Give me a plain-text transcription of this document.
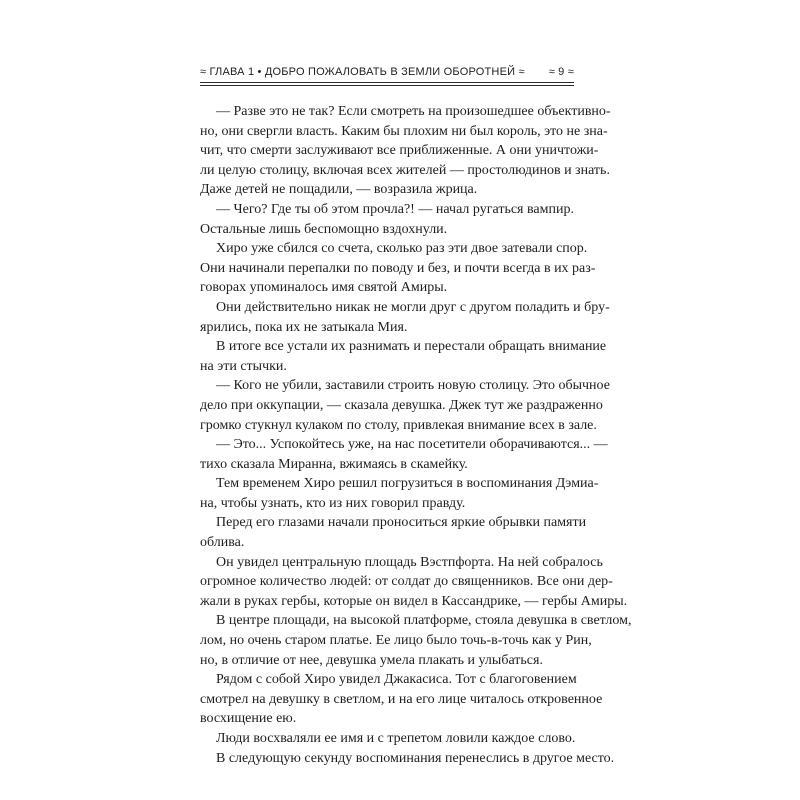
≈ ГЛАВА 1 • ДОБРО ПОЖАЛОВАТЬ В ЗЕМЛИ ОБОРОТНЕЙ ≈ ≈ 9 ≈
— Разве это не так? Если смотреть на произошедшее объективно-
но, они свергли власть. Каким бы плохим ни был король, это не зна-
чит, что смерти заслуживают все приближенные. А они уничтожи-
ли целую столицу, включая всех жителей — простолюдинов и знать.
Даже детей не пощадили, — возразила жрица.
— Чего? Где ты об этом прочла?! — начал ругаться вампир.
Остальные лишь беспомощно вздохнули.
Хиро уже сбился со счета, сколько раз эти двое затевали спор.
Они начинали перепалки по поводу и без, и почти всегда в их раз-
говорах упоминалось имя святой Амиры.
Они действительно никак не могли друг с другом поладить и бру-
ярились, пока их не затыкала Мия.
В итоге все устали их разнимать и перестали обращать внимание
на эти стычки.
— Кого не убили, заставили строить новую столицу. Это обычное
дело при оккупации, — сказала девушка. Джек тут же раздраженно
громко стукнул кулаком по столу, привлекая внимание всех в зале.
— Это... Успокойтесь уже, на нас посетители оборачиваются... —
тихо сказала Миранна, вжимаясь в скамейку.
Тем временем Хиро решил погрузиться в воспоминания Дэмиа-
на, чтобы узнать, кто из них говорил правду.
Перед его глазами начали проноситься яркие обрывки памяти
облива.
Он увидел центральную площадь Вэстпфорта. На ней собралось
огромное количество людей: от солдат до священников. Все они дер-
жали в руках гербы, которые он видел в Кассандрике, — гербы Амиры.
В центре площади, на высокой платформе, стояла девушка в светлом,
лом, но очень старом платье. Ее лицо было точь-в-точь как у Рин,
но, в отличие от нее, девушка умела плакать и улыбаться.
Рядом с собой Хиро увидел Джакасиса. Тот с благоговением
смотрел на девушку в светлом, и на его лице читалось откровенное
восхищение ею.
Люди восхваляли ее имя и с трепетом ловили каждое слово.
В следующую секунду воспоминания перенеслись в другое место.
